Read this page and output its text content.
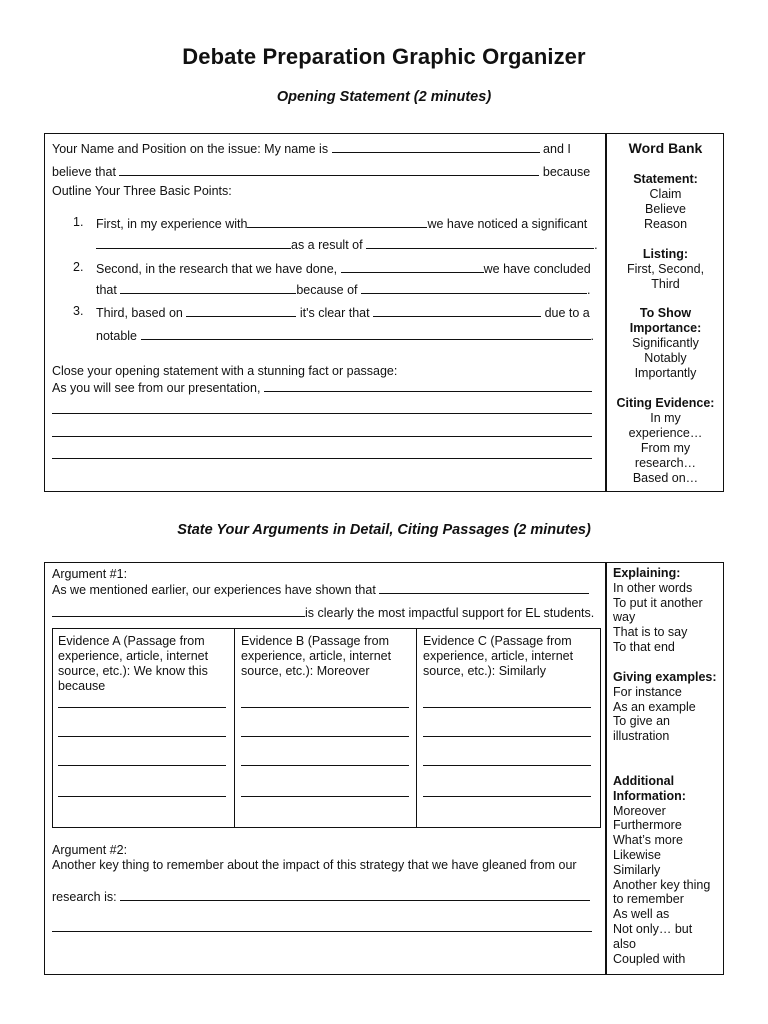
Debate Preparation Graphic Organizer
Opening Statement (2 minutes)
Your Name and Position on the issue: My name is	and I
believe that	because
Outline Your Three Basic Points:
1. First, in my experience with	we have noticed a significant
as a result of	.
2. Second, in the research that we have done,	we have concluded
that	because of	.
3. Third, based on	it's clear that	due to a
notable	.
Close your opening statement with a stunning fact or passage:
As you will see from our presentation,
Word Bank
Statement:
Claim
Believe
Reason
Listing:
First, Second,
Third
To Show
Importance:
Significantly
Notably
Importantly
Citing Evidence:
In my
experience…
From my
research…
Based on…
State Your Arguments in Detail, Citing Passages (2 minutes)
Argument #1:
As we mentioned earlier, our experiences have shown that
is clearly the most impactful support for EL students.
Evidence A (Passage from
experience, article, internet
source, etc.): We know this
because
Evidence B (Passage from
experience, article, internet
source, etc.): Moreover
Evidence C (Passage from
experience, article, internet
source, etc.): Similarly
Argument #2:
Another key thing to remember about the impact of this strategy that we have gleaned from our
research is:
Explaining:
In other words
To put it another
way
That is to say
To that end
Giving examples:
For instance
As an example
To give an
illustration
Additional
Information:
Moreover
Furthermore
What’s more
Likewise
Similarly
Another key thing
to remember
As well as
Not only… but
also
Coupled with
